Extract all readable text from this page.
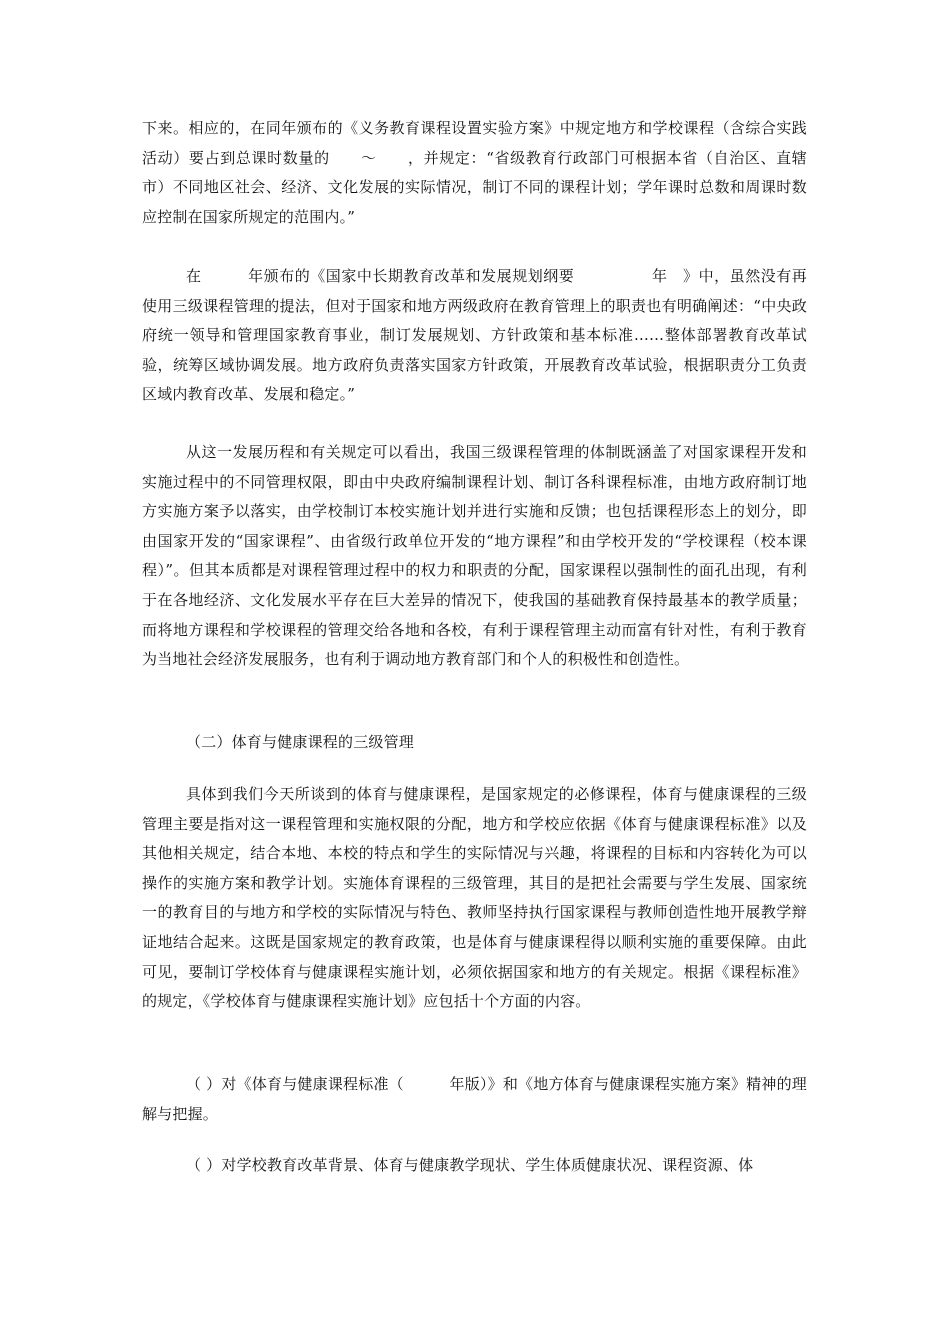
下来。相应的，在同年颁布的《义务教育课程设置实验方案》中规定地方和学校课程（含综合实践活动）要占到总课时数量的　　～　　，并规定：“省级教育行政部门可根据本省（自治区、直辖市）不同地区社会、经济、文化发展的实际情况，制订不同的课程计划；学年课时总数和周课时数应控制在国家所规定的范围内。”

在　　　年颁布的《国家中长期教育改革和发展规划纲要　　　　　年　》中，虽然没有再使用三级课程管理的提法，但对于国家和地方两级政府在教育管理上的职责也有明确阐述：“中央政府统一领导和管理国家教育事业，制订发展规划、方针政策和基本标准……整体部署教育改革试验，统筹区域协调发展。地方政府负责落实国家方针政策，开展教育改革试验，根据职责分工负责区域内教育改革、发展和稳定。”

从这一发展历程和有关规定可以看出，我国三级课程管理的体制既涵盖了对国家课程开发和实施过程中的不同管理权限，即由中央政府编制课程计划、制订各科课程标准，由地方政府制订地方实施方案予以落实，由学校制订本校实施计划并进行实施和反馈；也包括课程形态上的划分，即由国家开发的“国家课程”、由省级行政单位开发的“地方课程”和由学校开发的“学校课程（校本课程）”。但其本质都是对课程管理过程中的权力和职责的分配，国家课程以强制性的面孔出现，有利于在各地经济、文化发展水平存在巨大差异的情况下，使我国的基础教育保持最基本的教学质量；而将地方课程和学校课程的管理交给各地和各校，有利于课程管理主动而富有针对性，有利于教育为当地社会经济发展服务，也有利于调动地方教育部门和个人的积极性和创造性。

（二）体育与健康课程的三级管理

具体到我们今天所谈到的体育与健康课程，是国家规定的必修课程，体育与健康课程的三级管理主要是指对这一课程管理和实施权限的分配，地方和学校应依据《体育与健康课程标准》以及其他相关规定，结合本地、本校的特点和学生的实际情况与兴趣，将课程的目标和内容转化为可以操作的实施方案和教学计划。实施体育课程的三级管理，其目的是把社会需要与学生发展、国家统一的教育目的与地方和学校的实际情况与特色、教师坚持执行国家课程与教师创造性地开展教学辩证地结合起来。这既是国家规定的教育政策，也是体育与健康课程得以顺利实施的重要保障。由此可见，要制订学校体育与健康课程实施计划，必须依据国家和地方的有关规定。根据《课程标准》的规定，《学校体育与健康课程实施计划》应包括十个方面的内容。

（ ）对《体育与健康课程标准（　　　年版）》和《地方体育与健康课程实施方案》精神的理解与把握。

（ ）对学校教育改革背景、体育与健康教学现状、学生体质健康状况、课程资源、体
